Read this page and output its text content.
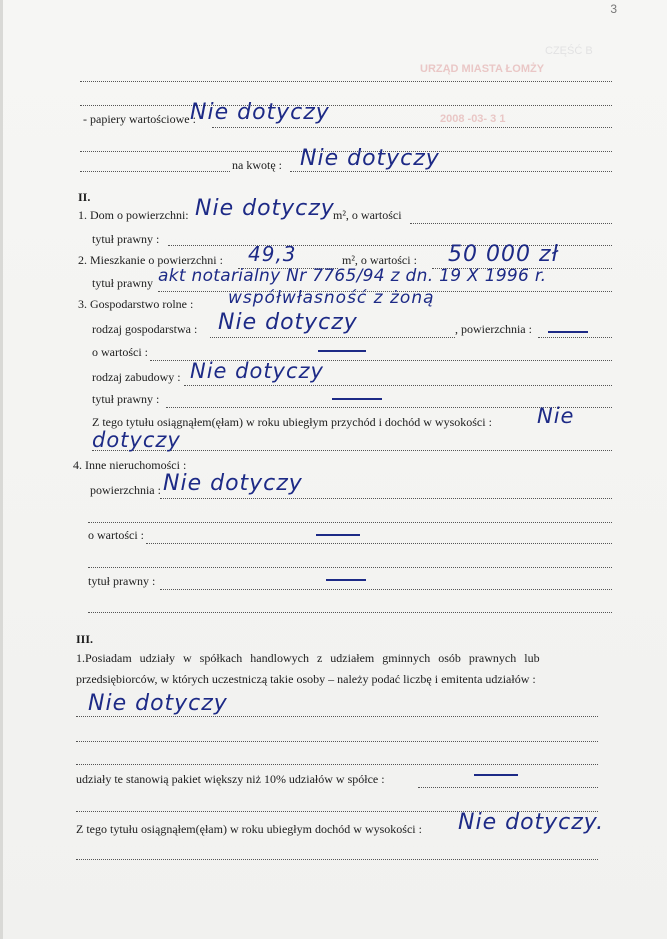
3
CZĘŚĆ B
URZĄD MIASTA ŁOMŻY
2008 -03- 3 1
- papiery wartościowe :
Nie dotyczy
na kwotę : Nie dotyczy
II.
1. Dom o powierzchni: Nie dotyczy
m², o wartości
tytuł prawny :
2. Mieszkanie o powierzchni : 49,3	m², o wartości : 50 000 zł
tytuł prawny akt notarialny Nr 7765/94 z dn. 19 X 1996 r.
współwłasność z żoną
3. Gospodarstwo rolne :
rodzaj gospodarstwa : Nie dotyczy	, powierzchnia :
o wartości :
rodzaj zabudowy : Nie dotyczy
tytuł prawny :
Z tego tytułu osiągnąłem(ęłam) w roku ubiegłym przychód i dochód w wysokości : Nie
dotyczy
4. Inne nieruchomości :
powierzchnia : Nie dotyczy
o wartości :
tytuł prawny :
III.
1.Posiadam udziały w spółkach handlowych z udziałem gminnych osób prawnych lub
przedsiębiorców, w których uczestniczą takie osoby – należy podać liczbę i emitenta udziałów :
Nie dotyczy
udziały te stanowią pakiet większy niż 10% udziałów w spółce :
Z tego tytułu osiągnąłem(ęłam) w roku ubiegłym dochód w wysokości : Nie dotyczy.
